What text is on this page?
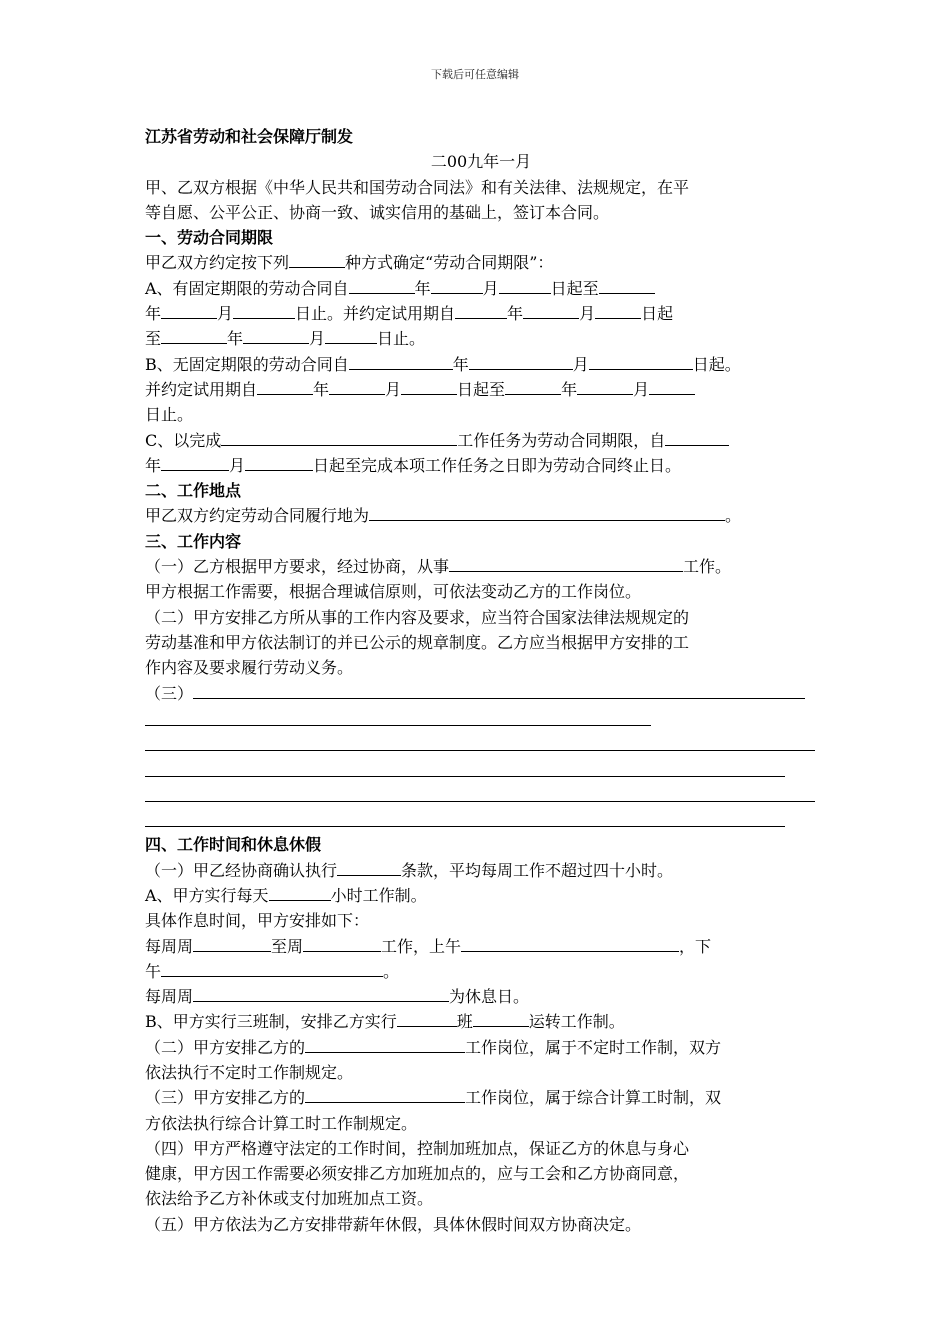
下载后可任意编辑
江苏省劳动和社会保障厅制发
二00九年一月
甲、乙双方根据《中华人民共和国劳动合同法》和有关法律、法规规定，在平
等自愿、公平公正、协商一致、诚实信用的基础上，签订本合同。
一、劳动合同期限
甲乙双方约定按下列	种方式确定“劳动合同期限”：
A、有固定期限的劳动合同自	年	月	日起至
年	月	日止。并约定试用期自	年	月	日起
至	年	月	日止。
B、无固定期限的劳动合同自	年	月	日起。
并约定试用期自	年	月	日起至	年	月
日止。
C、以完成	工作任务为劳动合同期限，自
年	月	日起至完成本项工作任务之日即为劳动合同终止日。
二、工作地点
甲乙双方约定劳动合同履行地为	。
三、工作内容
（一）乙方根据甲方要求，经过协商，从事	工作。
甲方根据工作需要，根据合理诚信原则，可依法变动乙方的工作岗位。
（二）甲方安排乙方所从事的工作内容及要求，应当符合国家法律法规规定的
劳动基准和甲方依法制订的并已公示的规章制度。乙方应当根据甲方安排的工
作内容及要求履行劳动义务。
（三）
四、工作时间和休息休假
（一）甲乙经协商确认执行	条款，平均每周工作不超过四十小时。
A、甲方实行每天	小时工作制。
具体作息时间，甲方安排如下：
每周周	至周	工作，上午	，下
午	。
每周周	为休息日。
B、甲方实行三班制，安排乙方实行	班	运转工作制。
（二）甲方安排乙方的	工作岗位，属于不定时工作制，双方
依法执行不定时工作制规定。
（三）甲方安排乙方的	工作岗位，属于综合计算工时制，双
方依法执行综合计算工时工作制规定。
（四）甲方严格遵守法定的工作时间，控制加班加点，保证乙方的休息与身心
健康，甲方因工作需要必须安排乙方加班加点的，应与工会和乙方协商同意，
依法给予乙方补休或支付加班加点工资。
（五）甲方依法为乙方安排带薪年休假，具体休假时间双方协商决定。
